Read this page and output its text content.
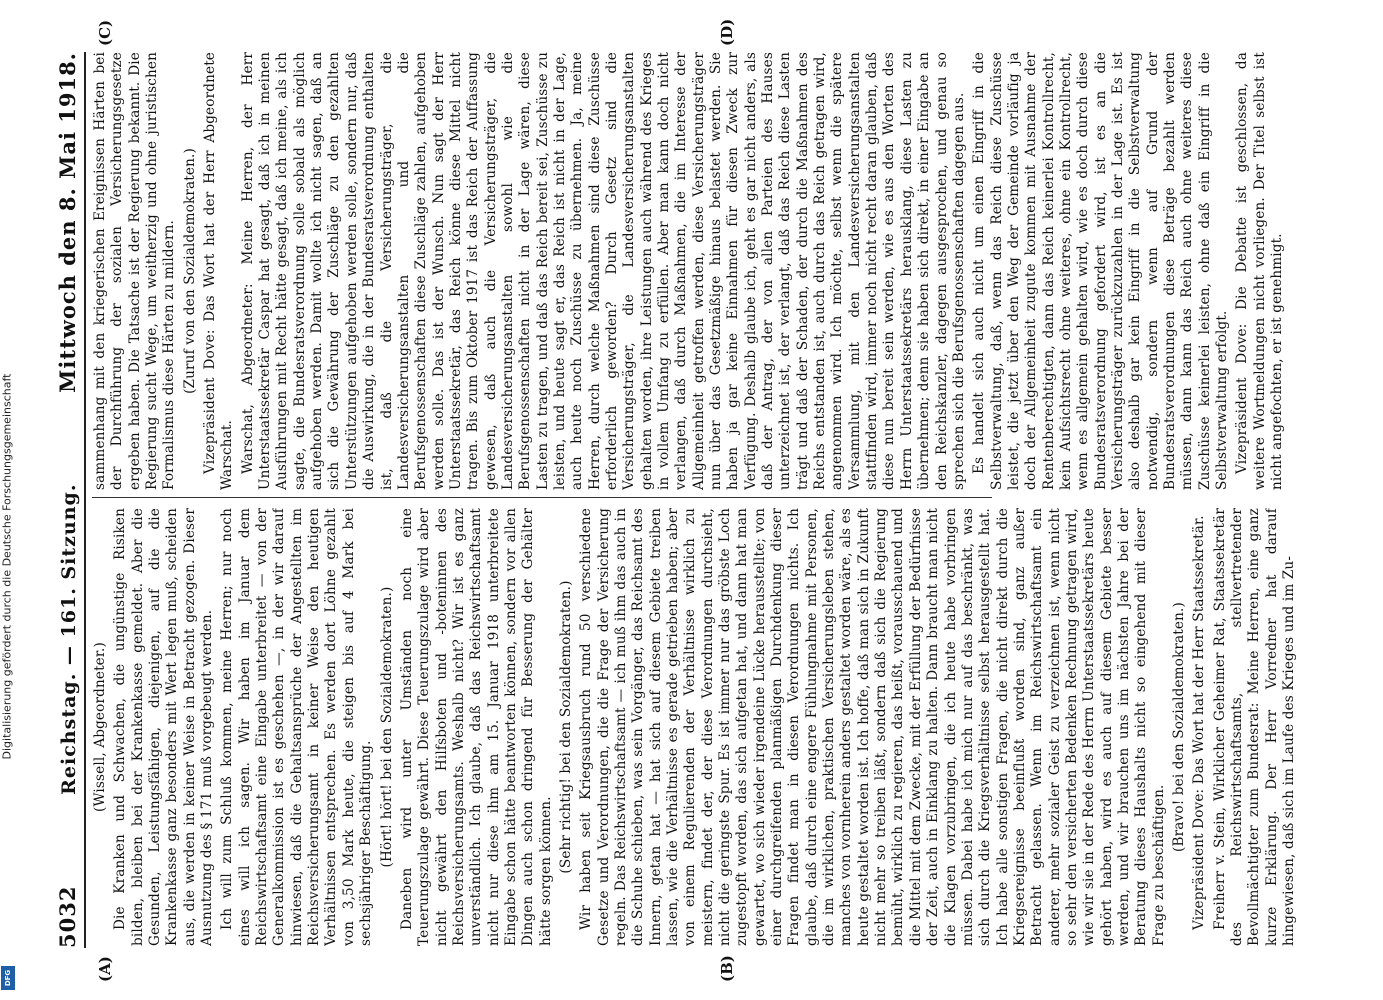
5032
Reichstag. — 161. Sitzung.
Mittwoch den 8. Mai 1918.
(A)	(B)
(C)	(D)

(Wissell, Abgeordneter.) Die Kranken und Schwachen, die ungünstige Risiken bilden, bleiben bei der Krankenkasse gemeldet. Aber die Gesunden, Leistungsfähigen, diejenigen, auf die die Krankenkasse ganz besonders mit Wert legen muß, scheiden aus, die werden in keiner Weise in Betracht gezogen. Dieser Ausnutzung des § 171 muß vorgebeugt werden. Ich will zum Schluß kommen, meine Herren; nur noch eines will ich sagen. Wir haben im Januar dem Reichswirtschaftsamt eine Eingabe unterbreitet — von der Generalkommission ist es geschehen —, in der wir darauf hinwiesen, daß die Gehaltsansprüche der Angestellten im Reichsversicherungsamt in keiner Weise den heutigen Verhältnissen entsprechen. Es werden dort Löhne gezahlt von 3,50 Mark heute, die steigen bis auf 4 Mark bei sechsjähriger Beschäftigung. (Hört! hört! bei den Sozialdemokraten.) Daneben wird unter Umständen noch eine Teuerungszulage gewährt. Diese Teuerungszulage wird aber nicht gewährt den Hilfsboten und -boteninnen des Reichsversicherungsamts. Weshalb nicht? Wir ist es ganz unverständlich. Ich glaube, daß das Reichswirtschaftsamt nicht nur diese ihm am 15. Januar 1918 unterbreitete Eingabe schon hätte beantworten können, sondern vor allen Dingen auch schon dringend für Besserung der Gehälter hätte sorgen können. (Sehr richtig! bei den Sozialdemokraten.) Wir haben seit Kriegsausbruch rund 50 verschiedene Gesetze und Verordnungen, die die Frage der Versicherung regeln. Das Reichswirtschaftsamt — ich muß ihm das auch in die Schuhe schieben, was sein Vorgänger, das Reichsamt des Innern, getan hat — hat sich auf diesem Gebiete treiben lassen, wie die Verhältnisse es gerade getrieben haben; aber von einem Regulierenden der Verhältnisse wirklich zu meistern, findet der, der diese Verordnungen durchsieht, nicht die geringste Spur. Es ist immer nur das gröbste Loch zugestopft worden, das sich aufgetan hat, und dann hat man gewartet, wo sich wieder irgendeine Lücke herausstellte; von einer durchgreifenden planmäßigen Durchdenkung dieser Fragen findet man in diesen Verordnungen nichts. Ich glaube, daß durch eine engere Fühlungnahme mit Personen, die im wirklichen, praktischen Versicherungsleben stehen, manches von vornherein anders gestaltet worden wäre, als es heute gestaltet worden ist. Ich hoffe, daß man sich in Zukunft nicht mehr so treiben läßt, sondern daß sich die Regierung bemüht, wirklich zu regieren, das heißt, vorausschauend und die Mittel mit dem Zwecke, mit der Erfüllung der Bedürfnisse der Zeit, auch in Einklang zu halten. Dann braucht man nicht die Klagen vorzubringen, die ich heute habe vorbringen müssen. Dabei habe ich mich nur auf das beschränkt, was sich durch die Kriegsverhältnisse selbst herausgestellt hat. Ich habe alle sonstigen Fragen, die nicht direkt durch die Kriegsereignisse beeinflußt worden sind, ganz außer Betracht gelassen. Wenn im Reichswirtschaftsamt ein anderer, mehr sozialer Geist zu verzeichnen ist, wenn nicht so sehr den versicherten Bedenken Rechnung getragen wird, wie wir sie in der Rede des Herrn Unterstaatssekretärs heute gehört haben, wird es auch auf diesem Gebiete besser werden, und wir brauchen uns im nächsten Jahre bei der Beratung dieses Haushalts nicht so eingehend mit dieser Frage zu beschäftigen.

(Bravo! bei den Sozialdemokraten.) Vizepräsident Dove: Das Wort hat der Herr Staatssekretär. Freiherr v. Stein, Wirklicher Geheimer Rat, Staatssekretär des Reichswirtschaftsamts, stellvertretender Bevollmächtigter zum Bundesrat: Meine Herren, eine ganz kurze Erklärung. Der Herr Vorredner hat darauf hingewiesen, daß sich im Laufe des Krieges und im Zu-

sammenhang mit den kriegerischen Ereignissen Härten bei der Durchführung der sozialen Versicherungsgesetze ergeben haben. Die Tatsache ist der Regierung bekannt. Die Regierung sucht Wege, um weitherzig und ohne juristischen Formalismus diese Härten zu mildern. (Zuruf von den Sozialdemokraten.) Vizepräsident Dove: Das Wort hat der Herr Abgeordnete Warschat. Warschat, Abgeordneter: Meine Herren, der Herr Unterstaatssekretär Caspar hat gesagt, daß ich in meinen Ausführungen mit Recht hätte gesagt, daß ich meine, als ich sagte, die Bundesratsverordnung solle sobald als möglich aufgehoben werden. Damit wollte ich nicht sagen, daß an sich die Gewährung der Zuschläge zu den gezahlten Unterstützungen aufgehoben werden solle, sondern nur, daß die Auswirkung, die in der Bundesratsverordnung enthalten ist, daß die Versicherungsträger, die Landesversicherungsanstalten und die Berufsgenossenschaften diese Zuschläge zahlen, aufgehoben werden solle. Das ist der Wunsch. Nun sagt der Herr Unterstaatssekretär, das Reich könne diese Mittel nicht tragen. Bis zum Oktober 1917 ist das Reich der Auffassung gewesen, daß auch die Versicherungsträger, die Landesversicherungsanstalten sowohl wie die Berufsgenossenschaften nicht in der Lage wären, diese Lasten zu tragen, und daß das Reich bereit sei, Zuschüsse zu leisten, und heute sagt er, das Reich ist nicht in der Lage, auch heute noch Zuschüsse zu übernehmen. Ja, meine Herren, durch welche Maßnahmen sind diese Zuschüsse erforderlich geworden? Durch Gesetz sind die Versicherungsträger, die Landesversicherungsanstalten gehalten worden, ihre Leistungen auch während des Krieges in vollem Umfang zu erfüllen. Aber man kann doch nicht verlangen, daß durch Maßnahmen, die im Interesse der Allgemeinheit getroffen werden, diese Versicherungsträger nun über das Gesetzmäßige hinaus belastet werden. Sie haben ja gar keine Einnahmen für diesen Zweck zur Verfügung. Deshalb glaube ich, geht es gar nicht anders, als daß der Antrag, der von allen Parteien des Hauses unterzeichnet ist, der verlangt, daß das Reich diese Lasten trägt und daß der Schaden, der durch die Maßnahmen des Reichs entstanden ist, auch durch das Reich getragen wird, angenommen wird. Ich möchte, selbst wenn die spätere Versammlung, mit den Landesversicherungsanstalten stattfinden wird, immer noch nicht recht daran glauben, daß diese nun bereit sein werden, wie es aus den Worten des Herrn Unterstaatssekretärs herausklang, diese Lasten zu übernehmen; denn sie haben sich direkt, in einer Eingabe an den Reichskanzler, dagegen ausgesprochen, und genau so sprechen sich die Berufsgenossenschaften dagegen aus. Es handelt sich auch nicht um einen Eingriff in die Selbstverwaltung, daß, wenn das Reich diese Zuschüsse leistet, die jetzt über den Weg der Gemeinde vorläufig ja doch der Allgemeinheit zugute kommen mit Ausnahme der Rentenberechtigten, dann das Reich keinerlei Kontrollrecht, kein Aufsichtsrecht ohne weiteres, ohne ein Kontrollrecht, wenn es allgemein gehalten wird, wie es doch durch diese Bundesratsverordnung gefordert wird, ist es an die Versicherungsträger zurückzuzahlen in der Lage ist. Es ist also deshalb gar kein Eingriff in die Selbstverwaltung notwendig, sondern wenn auf Grund der Bundesratsverordnungen diese Beträge bezahlt werden müssen, dann kann das Reich auch ohne weiteres diese Zuschüsse keinerlei leisten, ohne daß ein Eingriff in die Selbstverwaltung erfolgt. Vizepräsident Dove: Die Debatte ist geschlossen, da weitere Wortmeldungen nicht vorliegen. Der Titel selbst ist nicht angefochten, er ist genehmigt.

Digitalisierung gefördert durch die Deutsche Forschungsgemeinschaft
DFG
